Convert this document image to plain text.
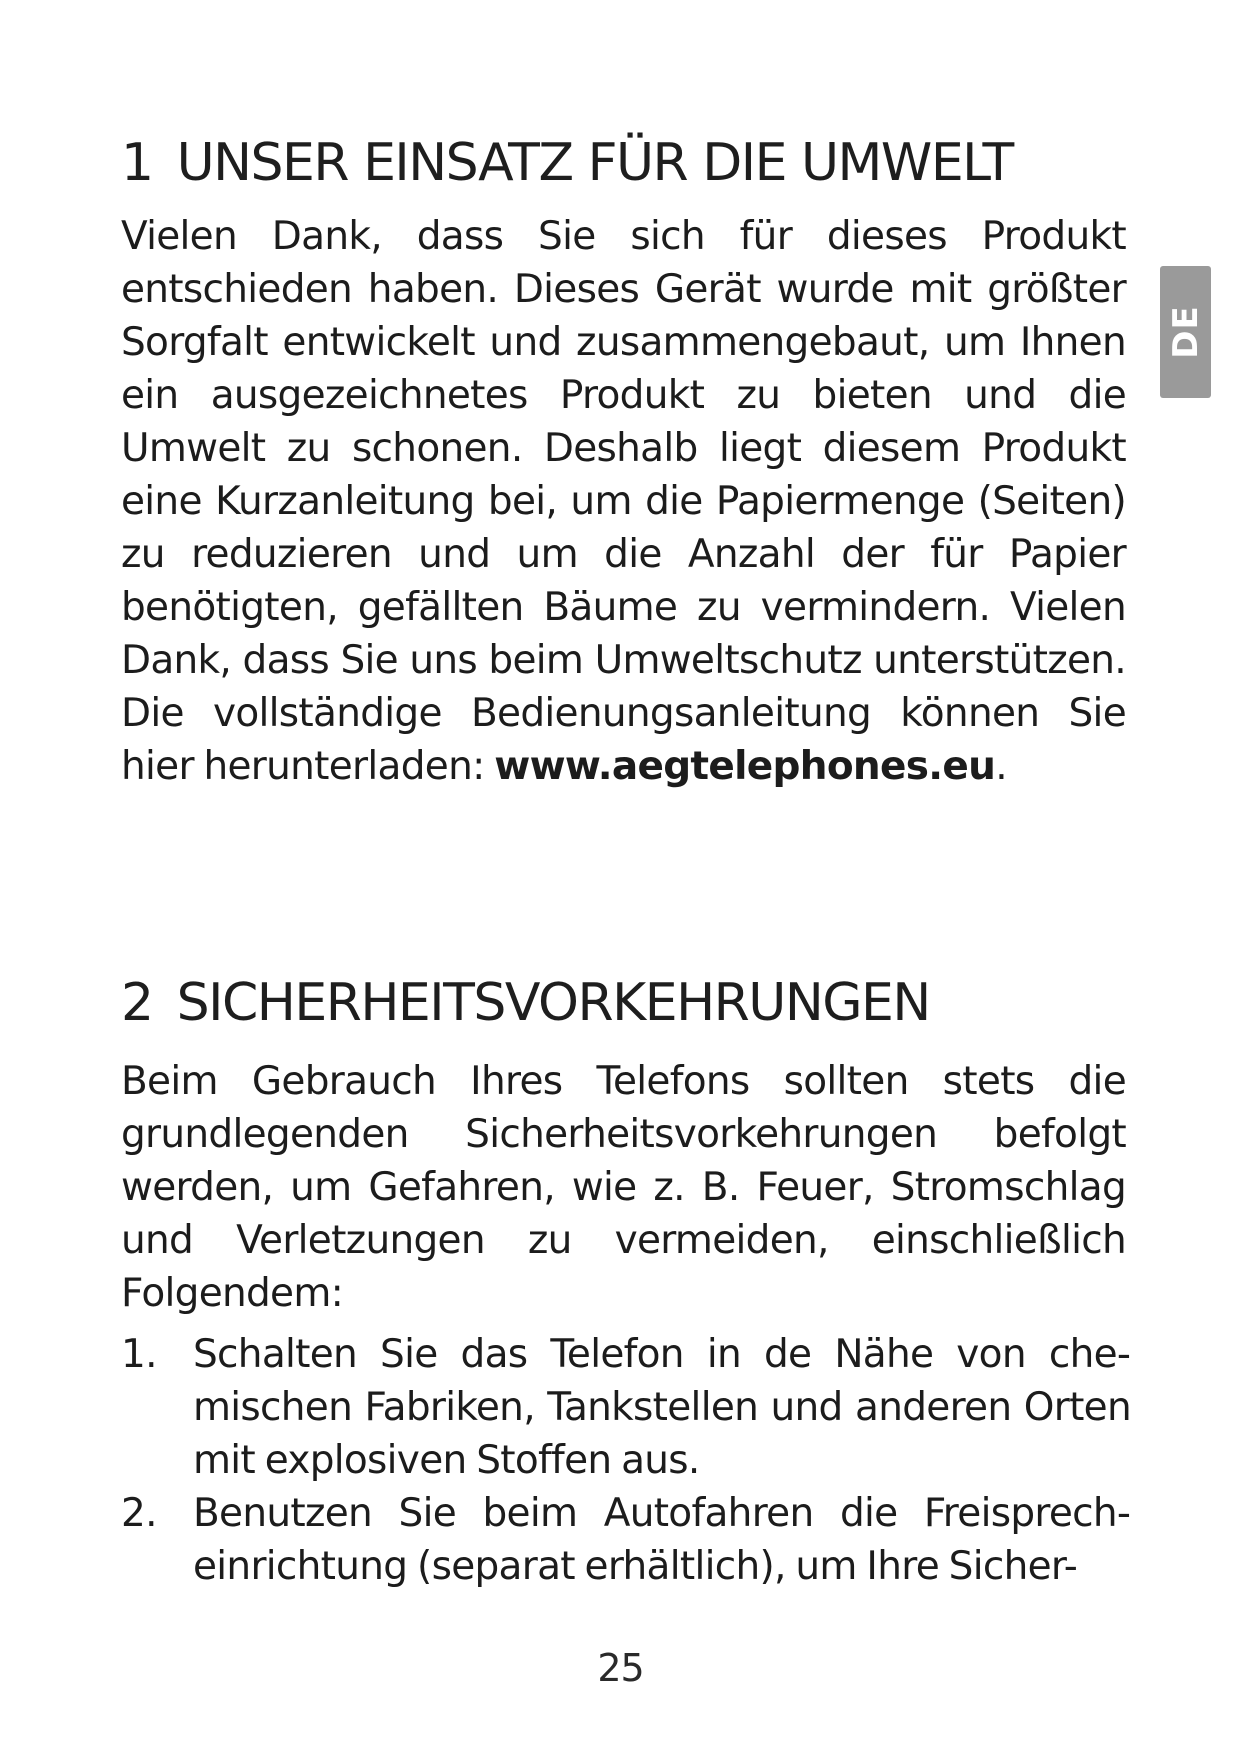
DE
1 UNSER EINSATZ FÜR DIE UMWELT

Vielen Dank, dass Sie sich für dieses Produkt entschieden haben. Dieses Gerät wurde mit größter Sorgfalt entwickelt und zusammengebaut, um Ihnen ein ausgezeichnetes Produkt zu bieten und die Umwelt zu schonen. Deshalb liegt diesem Produkt eine Kurzanleitung bei, um die Papiermenge (Seiten) zu reduzieren und um die Anzahl der für Papier benötigten, gefällten Bäume zu vermindern. Vielen Dank, dass Sie uns beim Umweltschutz unterstützen. Die vollständige Bedienungsanleitung können Sie hier herunterladen: www.aegtelephones.eu.

2 SICHERHEITSVORKEHRUNGEN

Beim Gebrauch Ihres Telefons sollten stets die grundlegenden Sicherheitsvorkehrungen befolgt werden, um Gefahren, wie z. B. Feuer, Stromschlag und Verletzungen zu vermeiden, einschließlich Folgendem:

1. Schalten Sie das Telefon in de Nähe von chemischen Fabriken, Tankstellen und anderen Orten mit explosiven Stoffen aus.
2. Benutzen Sie beim Autofahren die Freisprecheinrichtung (separat erhältlich), um Ihre Sicher-
25
